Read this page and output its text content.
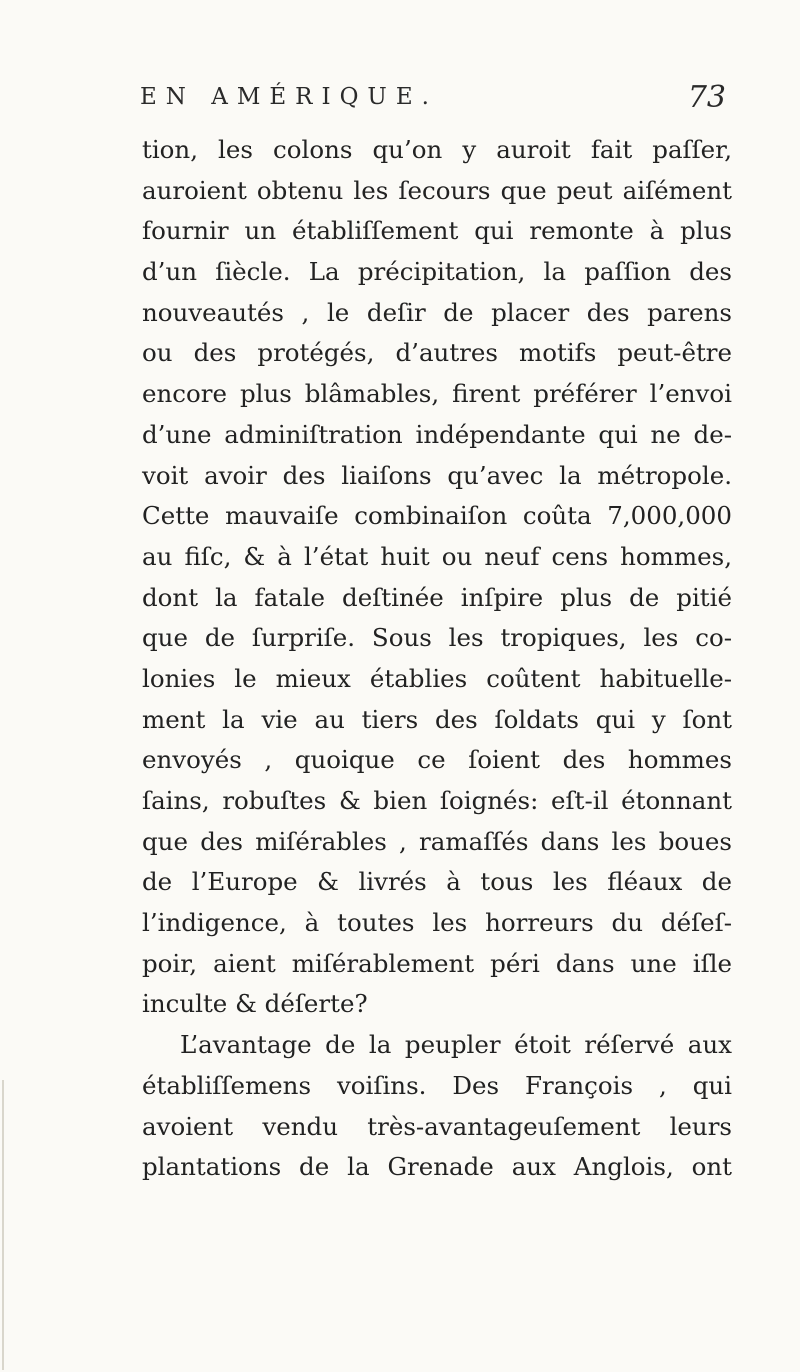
EN AMÉRIQUE.	73
tion, les colons qu’on y auroit fait paſſer,
auroient obtenu les ſecours que peut aiſément
fournir un établiſſement qui remonte à plus
d’un ſiècle. La précipitation, la paſſion des
nouveautés , le deſir de placer des parens
ou des protégés, d’autres motifs peut-être
encore plus blâmables, firent préférer l’envoi
d’une adminiſtration indépendante qui ne de-
voit avoir des liaiſons qu’avec la métropole.
Cette mauvaiſe combinaiſon coûta 7,000,000
au fiſc, & à l’état huit ou neuf cens hommes,
dont la fatale deſtinée inſpire plus de pitié
que de ſurpriſe. Sous les tropiques, les co-
lonies le mieux établies coûtent habituelle-
ment la vie au tiers des ſoldats qui y ſont
envoyés , quoique ce ſoient des hommes
ſains, robuſtes & bien ſoignés: eſt-il étonnant
que des miſérables , ramaſſés dans les boues
de l’Europe & livrés à tous les fléaux de
l’indigence, à toutes les horreurs du déſeſ-
poir, aient miſérablement péri dans une iſle
inculte & déſerte?
L’avantage de la peupler étoit réſervé aux
établiſſemens voiſins. Des François , qui
avoient vendu très-avantageuſement leurs
plantations de la Grenade aux Anglois, ont
